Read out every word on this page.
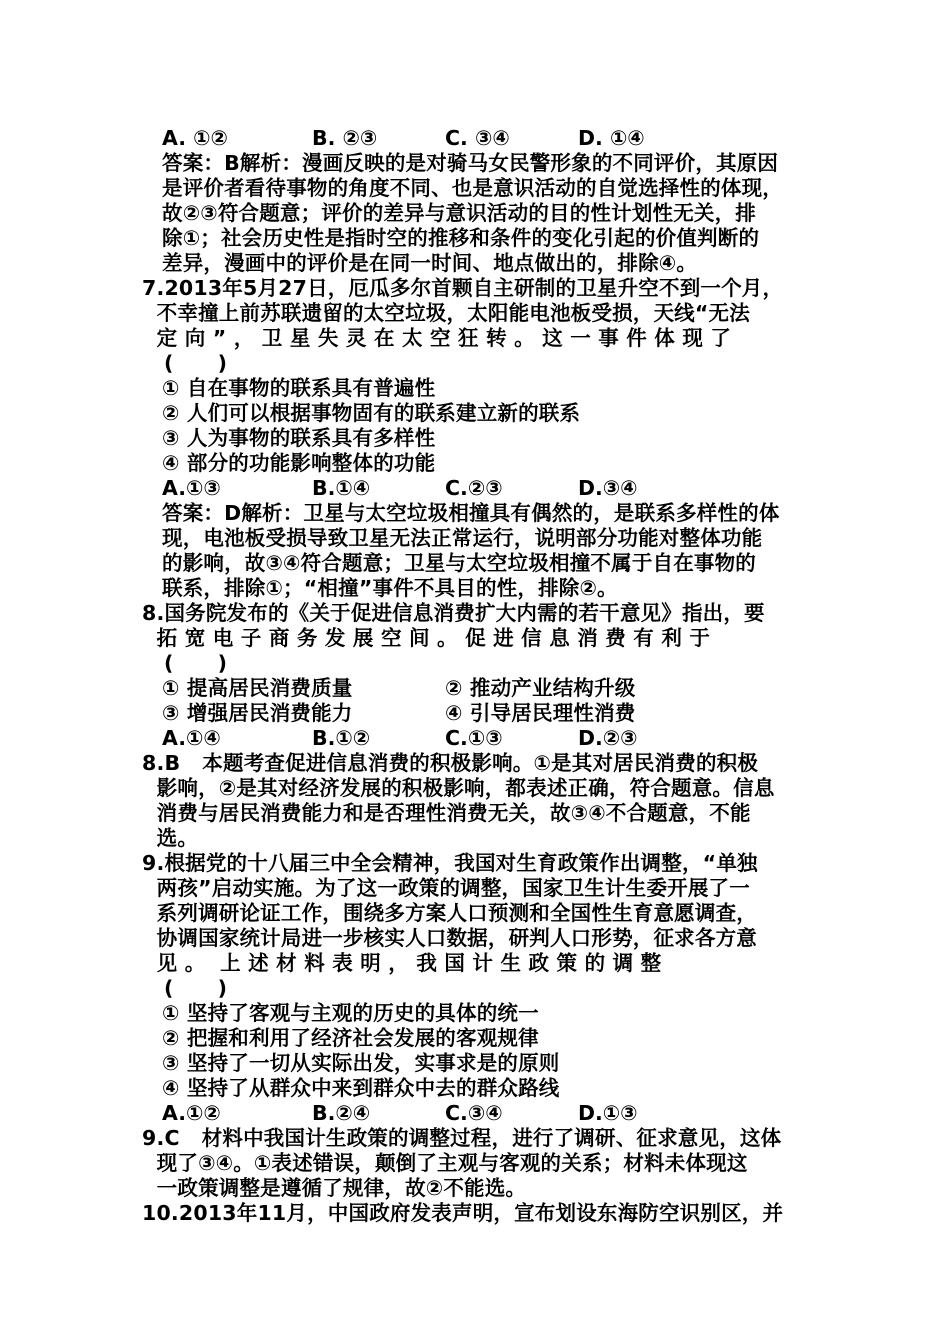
A. ①②	B. ②③	C. ③④	D. ①④
答案：B解析：漫画反映的是对骑马女民警形象的不同评价，其原因
是评价者看待事物的角度不同、也是意识活动的自觉选择性的体现，
故②③符合题意；评价的差异与意识活动的目的性计划性无关，排
除①；社会历史性是指时空的推移和条件的变化引起的价值判断的
差异，漫画中的评价是在同一时间、地点做出的，排除④。
7.2013年5月27日，厄瓜多尔首颗自主研制的卫星升空不到一个月，
不幸撞上前苏联遗留的太空垃圾，太阳能电池板受损，天线“无法
定 向 ” ， 卫 星 失 灵 在 太 空 狂 转 。 这 一 事 件 体 现 了
(      )
① 自在事物的联系具有普遍性
② 人们可以根据事物固有的联系建立新的联系
③ 人为事物的联系具有多样性
④ 部分的功能影响整体的功能
A.①③	B.①④	C.②③	D.③④
答案：D解析：卫星与太空垃圾相撞具有偶然的，是联系多样性的体
现，电池板受损导致卫星无法正常运行，说明部分功能对整体功能
的影响，故③④符合题意；卫星与太空垃圾相撞不属于自在事物的
联系，排除①；“相撞”事件不具目的性，排除②。
8.国务院发布的《关于促进信息消费扩大内需的若干意见》指出，要
拓 宽 电 子 商 务 发 展 空 间 。 促 进 信 息 消 费 有 利 于
(      )
① 提高居民消费质量	② 推动产业结构升级
③ 增强居民消费能力	④ 引导居民理性消费
A.①④	B.①②	C.①③	D.②③
8.B   本题考查促进信息消费的积极影响。①是其对居民消费的积极
影响，②是其对经济发展的积极影响，都表述正确，符合题意。信息
消费与居民消费能力和是否理性消费无关，故③④不合题意，不能
选。
9.根据党的十八届三中全会精神，我国对生育政策作出调整，“单独
两孩”启动实施。为了这一政策的调整，国家卫生计生委开展了一
系列调研论证工作，围绕多方案人口预测和全国性生育意愿调查，
协调国家统计局进一步核实人口数据，研判人口形势，征求各方意
见 。  上 述 材 料 表 明 ， 我 国 计 生 政 策 的 调 整
(      )
① 坚持了客观与主观的历史的具体的统一
② 把握和利用了经济社会发展的客观规律
③ 坚持了一切从实际出发，实事求是的原则
④ 坚持了从群众中来到群众中去的群众路线
A.①②	B.②④	C.③④	D.①③
9.C   材料中我国计生政策的调整过程，进行了调研、征求意见，这体
现了③④。①表述错误，颠倒了主观与客观的关系；材料未体现这
一政策调整是遵循了规律，故②不能选。
10.2013年11月，中国政府发表声明，宣布划设东海防空识别区，并
